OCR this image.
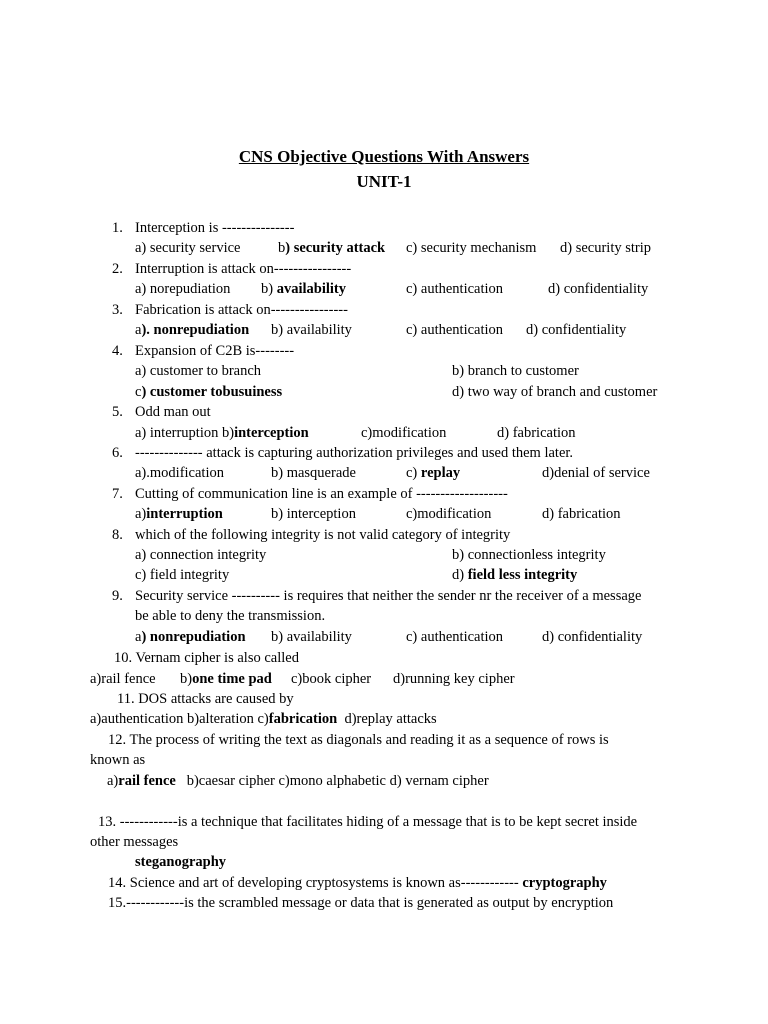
CNS Objective Questions With Answers
UNIT-1
1. Interception is ---------------
a) security service	b) security attack c) security mechanism d) security strip
2. Interruption is attack on----------------
a) norepudiation b) availability	c) authentication	d) confidentiality
3. Fabrication is attack on----------------
a). nonrepudiation b) availability	c) authentication d) confidentiality
4. Expansion of C2B is--------
a) customer to branch	b) branch to customer
c) customer tobusuiness	d) two way of branch and customer
5. Odd man out
a) interruption b)interception	c)modification	d) fabrication
6. -------------- attack is capturing authorization privileges and used them later.
a).modification	b) masquerade	c) replay	d)denial of service
7. Cutting of communication line is an example of -------------------
a)interruption	b) interception	c)modification	d) fabrication
8. which of the following integrity is not valid category of integrity
a) connection integrity	b) connectionless integrity
c) field integrity	d) field less integrity
9. Security service ---------- is requires that neither the sender nr the receiver of a message
be able to deny the transmission.
a) nonrepudiation b) availability	c) authentication	d) confidentiality
10. Vernam cipher is also called
a)rail fence b)one time pad c)book cipher d)running key cipher
11. DOS attacks are caused by
a)authentication b)alteration c)fabrication d)replay attacks
12. The process of writing the text as diagonals and reading it as a sequence of rows is
known as
a)rail fence b)caesar cipher c)mono alphabetic d) vernam cipher
13. ------------is a technique that facilitates hiding of a message that is to be kept secret inside
other messages
steganography
14. Science and art of developing cryptosystems is known as------------ cryptography
15.------------is the scrambled message or data that is generated as output by encryption
